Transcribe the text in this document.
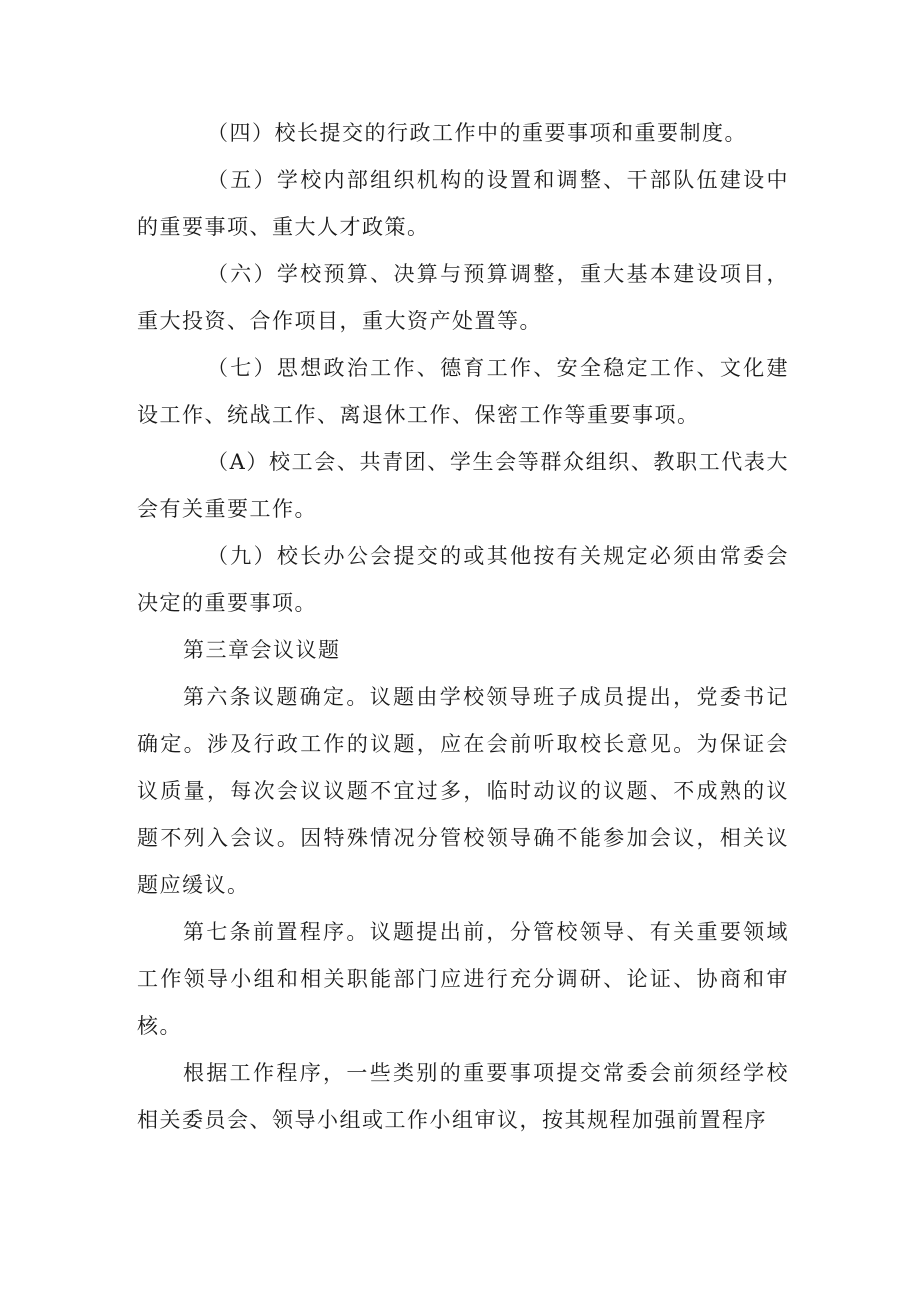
（四）校长提交的行政工作中的重要事项和重要制度。

（五）学校内部组织机构的设置和调整、干部队伍建设中的重要事项、重大人才政策。

（六）学校预算、决算与预算调整，重大基本建设项目，重大投资、合作项目，重大资产处置等。

（七）思想政治工作、德育工作、安全稳定工作、文化建设工作、统战工作、离退休工作、保密工作等重要事项。

（A）校工会、共青团、学生会等群众组织、教职工代表大会有关重要工作。

（九）校长办公会提交的或其他按有关规定必须由常委会决定的重要事项。

第三章会议议题

第六条议题确定。议题由学校领导班子成员提出，党委书记确定。涉及行政工作的议题，应在会前听取校长意见。为保证会议质量，每次会议议题不宜过多，临时动议的议题、不成熟的议题不列入会议。因特殊情况分管校领导确不能参加会议，相关议题应缓议。

第七条前置程序。议题提出前，分管校领导、有关重要领域工作领导小组和相关职能部门应进行充分调研、论证、协商和审核。

根据工作程序，一些类别的重要事项提交常委会前须经学校相关委员会、领导小组或工作小组审议，按其规程加强前置程序
